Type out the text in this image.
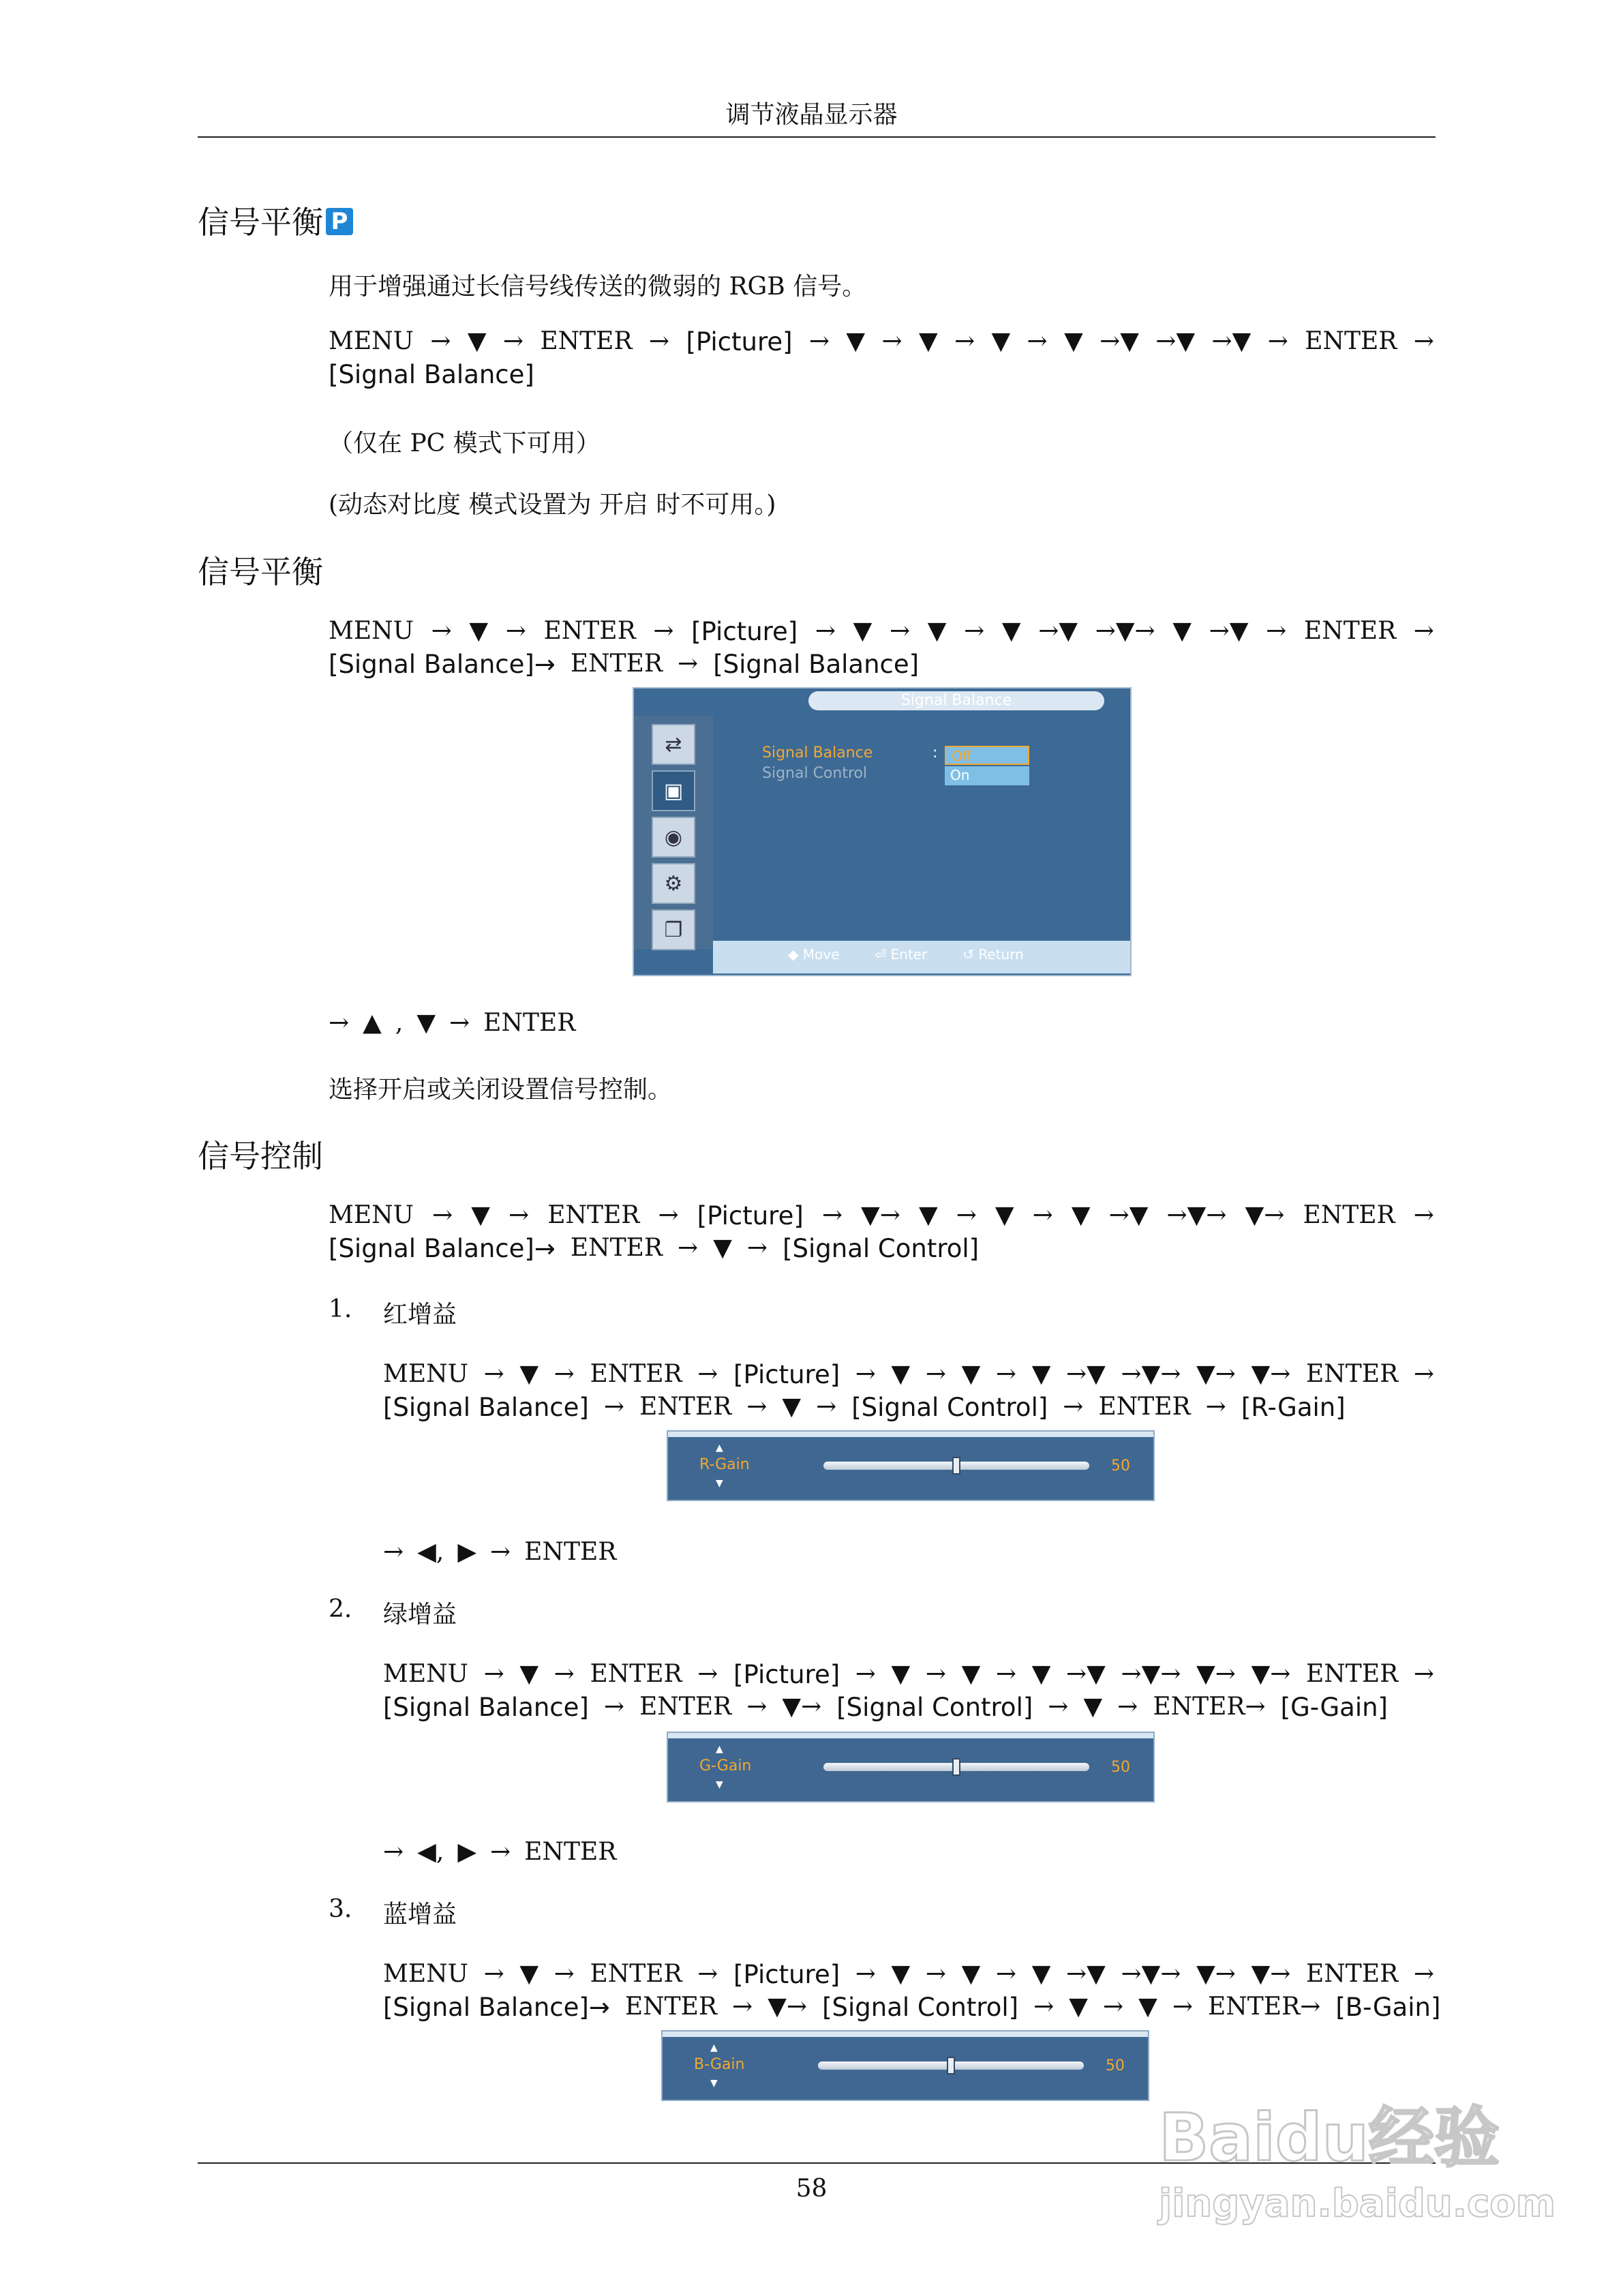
调节液晶显示器
信号平衡 P
用于增强通过长信号线传送的微弱的 RGB 信号。
MENU → ▼ → ENTER → [Picture] → ▼ → ▼ → ▼ → ▼ →▼ →▼ →▼ → ENTER →
[Signal Balance]
（仅在 PC 模式下可用）
(动态对比度 模式设置为 开启 时不可用。)
信号平衡
MENU → ▼ → ENTER → [Picture] → ▼ → ▼ → ▼ →▼ →▼→ ▼ →▼ → ENTER →
[Signal Balance]→ ENTER → [Signal Balance]
Signal Balance
⇄
▣
◉
⚙
❐
Signal Balance
Signal Control
:	Off
On
◆ Move	⏎ Enter	↺ Return
→ ▲ , ▼ → ENTER
选择开启或关闭设置信号控制。
信号控制
MENU → ▼ → ENTER → [Picture] → ▼→ ▼ → ▼ → ▼ →▼ →▼→ ▼→ ENTER →
[Signal Balance]→ ENTER → ▼ → [Signal Control]
1. 红增益
MENU → ▼ → ENTER → [Picture] → ▼ → ▼ → ▼ →▼ →▼→ ▼→ ▼→ ENTER →
[Signal Balance] → ENTER → ▼ → [Signal Control] → ENTER → [R-Gain]
R-Gain
▲
▼
50
→ ◀, ▶ → ENTER
2. 绿增益
MENU → ▼ → ENTER → [Picture] → ▼ → ▼ → ▼ →▼ →▼→ ▼→ ▼→ ENTER →
[Signal Balance] → ENTER → ▼→ [Signal Control] → ▼ → ENTER→ [G-Gain]
G-Gain
▲
▼
50
→ ◀, ▶ → ENTER
3. 蓝增益
MENU → ▼ → ENTER → [Picture] → ▼ → ▼ → ▼ →▼ →▼→ ▼→ ▼→ ENTER →
[Signal Balance]→ ENTER → ▼→ [Signal Control] → ▼ → ▼ → ENTER→ [B-Gain]
B-Gain
▲
▼
50
58
Baidu经验
jingyan.baidu.com
